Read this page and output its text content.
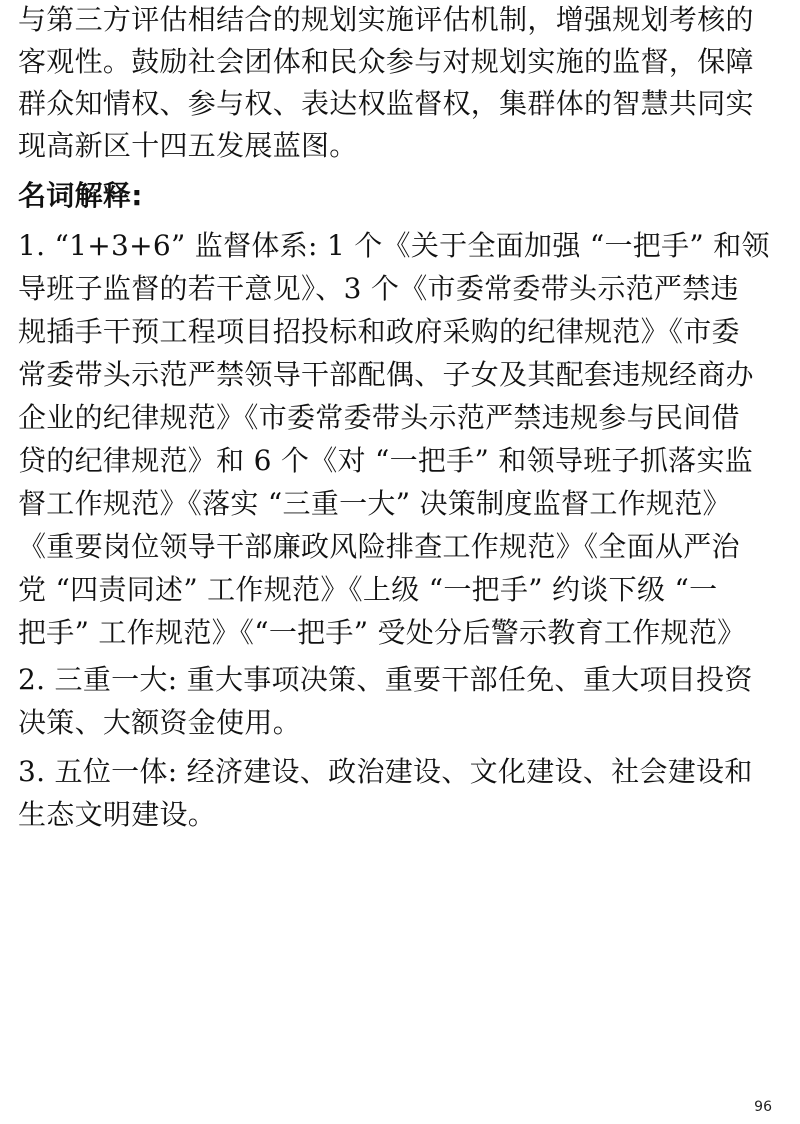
与第三方评估相结合的规划实施评估机制，增强规划考核的
客观性。鼓励社会团体和民众参与对规划实施的监督，保障
群众知情权、参与权、表达权监督权，集群体的智慧共同实
现高新区十四五发展蓝图。
名词解释:
1. “1+3+6” 监督体系: 1 个《关于全面加强 “一把手” 和领
导班子监督的若干意见》、3 个《市委常委带头示范严禁违
规插手干预工程项目招投标和政府采购的纪律规范》《市委
常委带头示范严禁领导干部配偶、子女及其配套违规经商办
企业的纪律规范》《市委常委带头示范严禁违规参与民间借
贷的纪律规范》和 6 个《对 “一把手” 和领导班子抓落实监
督工作规范》《落实 “三重一大” 决策制度监督工作规范》
《重要岗位领导干部廉政风险排查工作规范》《全面从严治
党 “四责同述” 工作规范》《上级 “一把手” 约谈下级 “一
把手” 工作规范》《“一把手” 受处分后警示教育工作规范》
2. 三重一大: 重大事项决策、重要干部任免、重大项目投资
决策、大额资金使用。
3. 五位一体: 经济建设、政治建设、文化建设、社会建设和
生态文明建设。
96
